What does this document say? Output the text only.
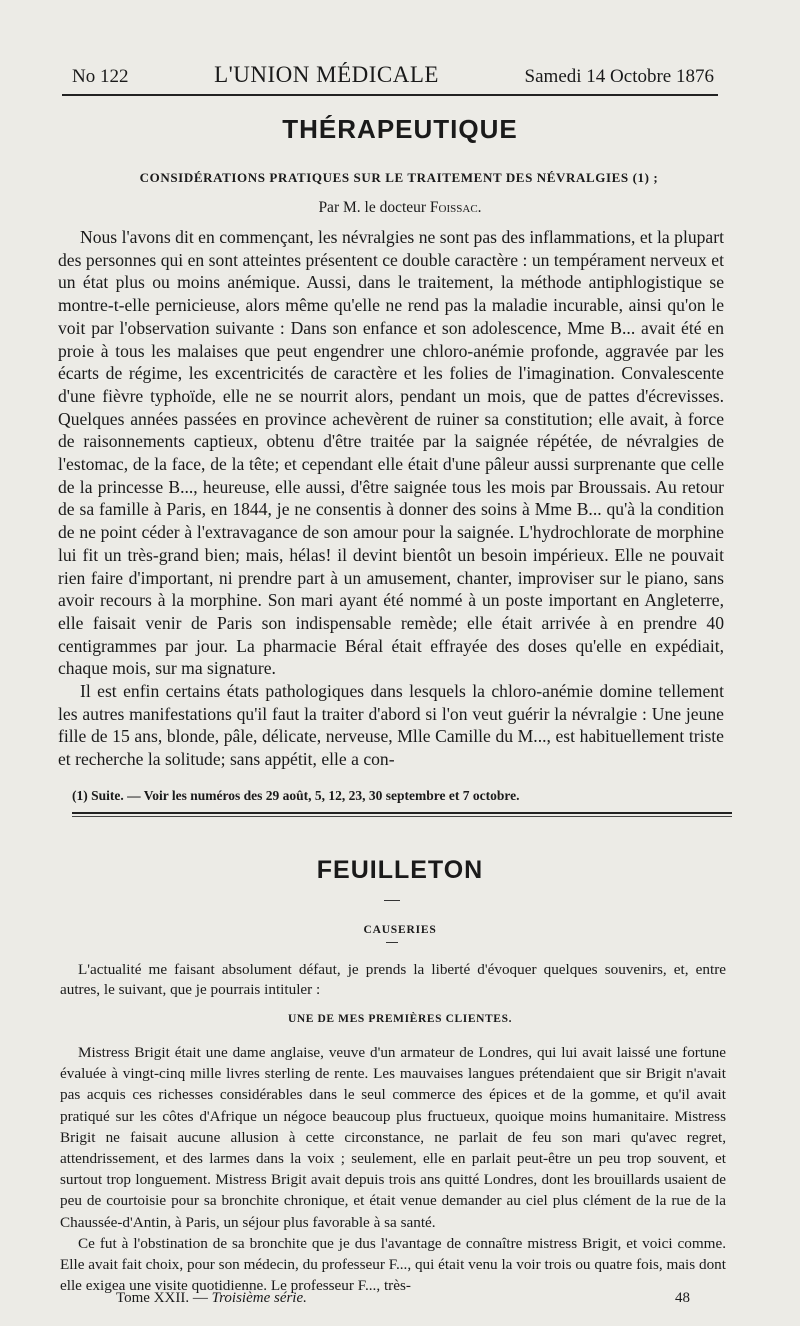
No 122	L'UNION MÉDICALE	Samedi 14 Octobre 1876
THÉRAPEUTIQUE
CONSIDÉRATIONS PRATIQUES SUR LE TRAITEMENT DES NÉVRALGIES (1) ;
Par M. le docteur Foissac.

Nous l'avons dit en commençant, les névralgies ne sont pas des inflammations, et la plupart des personnes qui en sont atteintes présentent ce double caractère : un tempérament nerveux et un état plus ou moins anémique. Aussi, dans le traitement, la méthode antiphlogistique se montre-t-elle pernicieuse, alors même qu'elle ne rend pas la maladie incurable, ainsi qu'on le voit par l'observation suivante : Dans son enfance et son adolescence, Mme B... avait été en proie à tous les malaises que peut engendrer une chloro-anémie profonde, aggravée par les écarts de régime, les excentricités de caractère et les folies de l'imagination. Convalescente d'une fièvre typhoïde, elle ne se nourrit alors, pendant un mois, que de pattes d'écrevisses. Quelques années passées en province achevèrent de ruiner sa constitution; elle avait, à force de raisonnements captieux, obtenu d'être traitée par la saignée répétée, de névralgies de l'estomac, de la face, de la tête; et cependant elle était d'une pâleur aussi surprenante que celle de la princesse B..., heureuse, elle aussi, d'être saignée tous les mois par Broussais. Au retour de sa famille à Paris, en 1844, je ne consentis à donner des soins à Mme B... qu'à la condition de ne point céder à l'extravagance de son amour pour la saignée. L'hydrochlorate de morphine lui fit un très-grand bien; mais, hélas! il devint bientôt un besoin impérieux. Elle ne pouvait rien faire d'important, ni prendre part à un amusement, chanter, improviser sur le piano, sans avoir recours à la morphine. Son mari ayant été nommé à un poste important en Angleterre, elle faisait venir de Paris son indispensable remède; elle était arrivée à en prendre 40 centigrammes par jour. La pharmacie Béral était effrayée des doses qu'elle en expédiait, chaque mois, sur ma signature.

Il est enfin certains états pathologiques dans lesquels la chloro-anémie domine tellement les autres manifestations qu'il faut la traiter d'abord si l'on veut guérir la névralgie : Une jeune fille de 15 ans, blonde, pâle, délicate, nerveuse, Mlle Camille du M..., est habituellement triste et recherche la solitude; sans appétit, elle a con-

(1) Suite. — Voir les numéros des 29 août, 5, 12, 23, 30 septembre et 7 octobre.
FEUILLETON
CAUSERIES

L'actualité me faisant absolument défaut, je prends la liberté d'évoquer quelques souvenirs, et, entre autres, le suivant, que je pourrais intituler :

UNE DE MES PREMIÈRES CLIENTES.

Mistress Brigit était une dame anglaise, veuve d'un armateur de Londres, qui lui avait laissé une fortune évaluée à vingt-cinq mille livres sterling de rente. Les mauvaises langues prétendaient que sir Brigit n'avait pas acquis ces richesses considérables dans le seul commerce des épices et de la gomme, et qu'il avait pratiqué sur les côtes d'Afrique un négoce beaucoup plus fructueux, quoique moins humanitaire. Mistress Brigit ne faisait aucune allusion à cette circonstance, ne parlait de feu son mari qu'avec regret, attendrissement, et des larmes dans la voix ; seulement, elle en parlait peut-être un peu trop souvent, et surtout trop longuement. Mistress Brigit avait depuis trois ans quitté Londres, dont les brouillards usaient de peu de courtoisie pour sa bronchite chronique, et était venue demander au ciel plus clément de la rue de la Chaussée-d'Antin, à Paris, un séjour plus favorable à sa santé.

Ce fut à l'obstination de sa bronchite que je dus l'avantage de connaître mistress Brigit, et voici comme. Elle avait fait choix, pour son médecin, du professeur F..., qui était venu la voir trois ou quatre fois, mais dont elle exigea une visite quotidienne. Le professeur F..., très-

Tome XXII. — Troisième série.	48
